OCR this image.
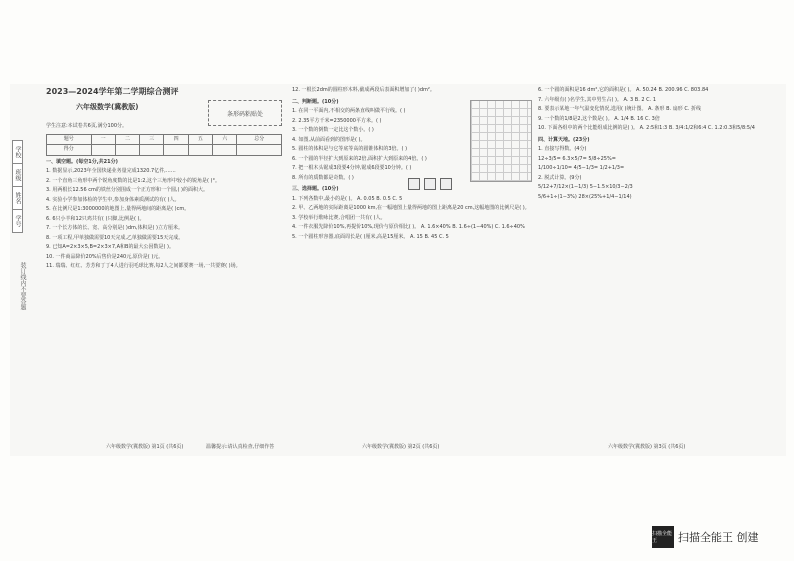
学校
班级
姓名
学号
装订线内不要答题
2023—2024学年第二学期综合测评
六年级数学(冀教版)
学生注意:本试卷共6页,满分100分。
题号	一	二	三	四	五	六	总分
得分							
一、填空题。(每空1分,共21分)
1. 数据显示,2023年全国快递业务量完成1320.7亿件,……
2. 一个直角三角形中两个锐角度数的比是1:2,这个三角形中较小的锐角是( )°。
3. 用两根长12.56 cm的铁丝分别围成一个正方形和一个圆,( )的面积大。
4. 实验小学参加体检的学生中,参加身体素质测试的有( )人。
5. 在比例尺是1:3000000的地图上,量得两地间的距离是( )cm。
6. 6只小羊和12只鸡共有( )只脚,比例是( )。
7. 一个长方体的长、宽、高分别是( )dm,体积是( )立方厘米。
8. 一项工程,甲单独做需要10天完成,乙单独做需要15天完成。
9. 已知A=2×3×5,B=2×3×7,A和B的最大公因数是( )。
10. 一件商品降价20%后售价是240元,原价是( )元。
11. 瑞瑞、红红、芳芳和丁丁4人进行羽毛球比赛,每2人之间都要赛一场,一共要赛( )场。
六年级数学(冀教版) 第1页 (共6页)	温馨提示:请认真检查,仔细作答
条形码粘贴处
12. 一根长2dm的圆柱形木料,截成两段后表面积增加了( )dm²。
二、判断题。(10分)
1. 在同一平面内,不相交的两条直线叫做平行线。( )
2. 2.35平方千米=2350000平方米。( )
3. 一个数的倒数一定比这个数小。( )
4. 如图,从前面看到的图形是( )。
5. 圆柱的体积是与它等底等高的圆锥体积的3倍。( )
6. 一个圆的半径扩大到原来的2倍,面积扩大到原来的4倍。( )
7. 把一根木头锯成3段要4分钟,锯成6段要10分钟。( )
8. 所有的质数都是奇数。( )
三、选择题。(10分)
1. 下列各数中,最小的是( )。 A. 0.05 B. 0.5 C. 5
2. 甲、乙两地的实际距离是1000 km,在一幅地图上量得两地的图上距离是20 cm,这幅地图的比例尺是( )。
3. 学校举行歌咏比赛,合唱团一共有( )人。
4. 一件衣服先降价10%,再提价10%,现价与原价相比( )。 A. 1.6×40% B. 1.6÷(1−40%) C. 1.6÷40%
5. 一个圆柱形容器,底面周长是( )厘米,高是15厘米。 A. 15 B. 45 C. 5
六年级数学(冀教版) 第2页 (共6页)
6. 一个圆的面积是16 dm²,它的面积是( )。 A. 50.24 B. 200.96 C. 803.84
7. 六年级有( )名学生,其中男生占( )。 A. 3 B. 2 C. 1
8. 要表示某地一年气温变化情况,选用( )统计图。 A. 条形 B. 扇形 C. 折线
9. 一个数的1/8是2,这个数是( )。 A. 1/4 B. 16 C. 3倍
10. 下面各组中的两个比能组成比例的是( )。 A. 2:5和1:3 B. 3/4:1/2和6:4 C. 1.2:0.3和5/8:5/4
四、计算天地。(23分)
1. 直接写得数。(4分)
12÷3/5= 6.3×5/7= 5/8÷25%=
1/100÷1/10= 4/5−1/3= 1/2+1/3=
2. 脱式计算。(9分)
5/12+7/12×(1−1/3) 5−1.5×10/3−2/3
5/6+1÷(1−3%) 28×(25%+1/4−1/14)
六年级数学(冀教版) 第3页 (共6页)
扫描全能王	扫描全能王 创建
